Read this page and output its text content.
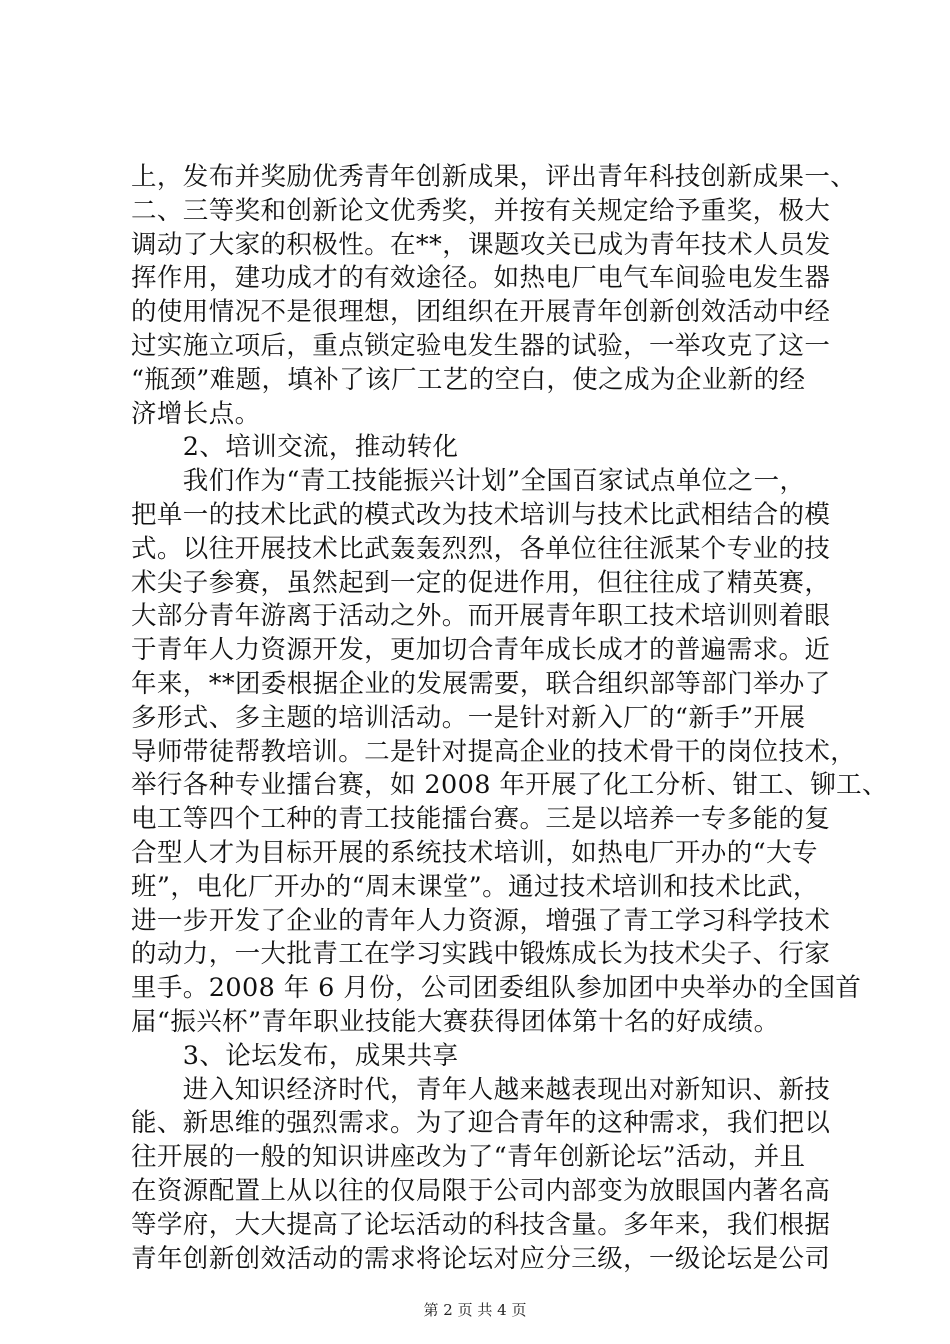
上，发布并奖励优秀青年创新成果，评出青年科技创新成果一、
二、三等奖和创新论文优秀奖，并按有关规定给予重奖，极大
调动了大家的积极性。在**，课题攻关已成为青年技术人员发
挥作用，建功成才的有效途径。如热电厂电气车间验电发生器
的使用情况不是很理想，团组织在开展青年创新创效活动中经
过实施立项后，重点锁定验电发生器的试验，一举攻克了这一
“瓶颈”难题，填补了该厂工艺的空白，使之成为企业新的经
济增长点。
　　2、培训交流，推动转化
　　我们作为“青工技能振兴计划”全国百家试点单位之一，
把单一的技术比武的模式改为技术培训与技术比武相结合的模
式。以往开展技术比武轰轰烈烈，各单位往往派某个专业的技
术尖子参赛，虽然起到一定的促进作用，但往往成了精英赛，
大部分青年游离于活动之外。而开展青年职工技术培训则着眼
于青年人力资源开发，更加切合青年成长成才的普遍需求。近
年来，**团委根据企业的发展需要，联合组织部等部门举办了
多形式、多主题的培训活动。一是针对新入厂的“新手”开展
导师带徒帮教培训。二是针对提高企业的技术骨干的岗位技术，
举行各种专业擂台赛，如 2008 年开展了化工分析、钳工、铆工、
电工等四个工种的青工技能擂台赛。三是以培养一专多能的复
合型人才为目标开展的系统技术培训，如热电厂开办的“大专
班”，电化厂开办的“周末课堂”。通过技术培训和技术比武，
进一步开发了企业的青年人力资源，增强了青工学习科学技术
的动力，一大批青工在学习实践中锻炼成长为技术尖子、行家
里手。2008 年 6 月份，公司团委组队参加团中央举办的全国首
届“振兴杯”青年职业技能大赛获得团体第十名的好成绩。
　　3、论坛发布，成果共享
　　进入知识经济时代，青年人越来越表现出对新知识、新技
能、新思维的强烈需求。为了迎合青年的这种需求，我们把以
往开展的一般的知识讲座改为了“青年创新论坛”活动，并且
在资源配置上从以往的仅局限于公司内部变为放眼国内著名高
等学府，大大提高了论坛活动的科技含量。多年来，我们根据
青年创新创效活动的需求将论坛对应分三级，一级论坛是公司
第 2 页 共 4 页
